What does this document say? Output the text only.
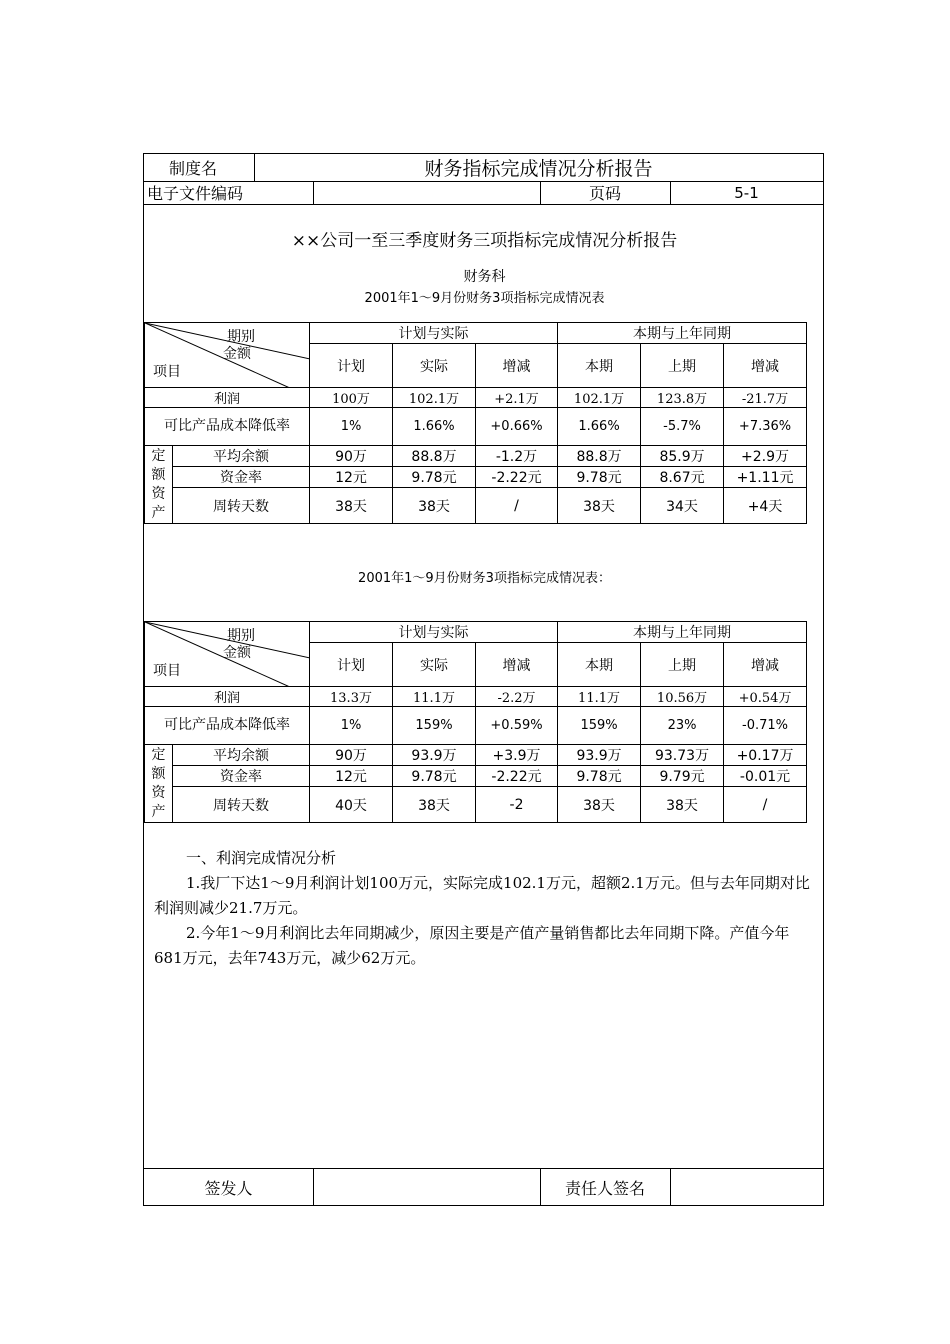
制度名	财务指标完成情况分析报告
电子文件编码	页码	5-1
××公司一至三季度财务三项指标完成情况分析报告
财务科
2001年1～9月份财务3项指标完成情况表
期别
金额
项目		计划与实际			本期与上年同期		
		计划	实际	增减	本期	上期	增减

利润		100万	102.1万	+2.1万	102.1万	123.8万	-21.7万
可比产品成本降低率		1%	1.66%	+0.66%	1.66%	-5.7%	+7.36%
定额资产	平均余额	90万	88.8万	-1.2万	88.8万	85.9万	+2.9万
	资金率	12元	9.78元	-2.22元	9.78元	8.67元	+1.11元
	周转天数	38天	38天	/	38天	34天	+4天
2001年1～9月份财务3项指标完成情况表：
期别
金额
项目		计划与实际			本期与上年同期		
		计划	实际	增减	本期	上期	增减

利润		13.3万	11.1万	-2.2万	11.1万	10.56万	+0.54万
可比产品成本降低率		1%	159%	+0.59%	159%	23%	-0.71%
定额资产	平均余额	90万	93.9万	+3.9万	93.9万	93.73万	+0.17万
	资金率	12元	9.78元	-2.22元	9.78元	9.79元	-0.01元
	周转天数	40天	38天	-2	38天	38天	/

一、利润完成情况分析

1.我厂下达1～9月利润计划100万元，实际完成102.1万元，超额2.1万元。但与去年同期对比利润则减少21.7万元。

2.今年1～9月利润比去年同期减少，原因主要是产值产量销售都比去年同期下降。产值今年681万元，去年743万元，减少62万元。

签发人	责任人签名
